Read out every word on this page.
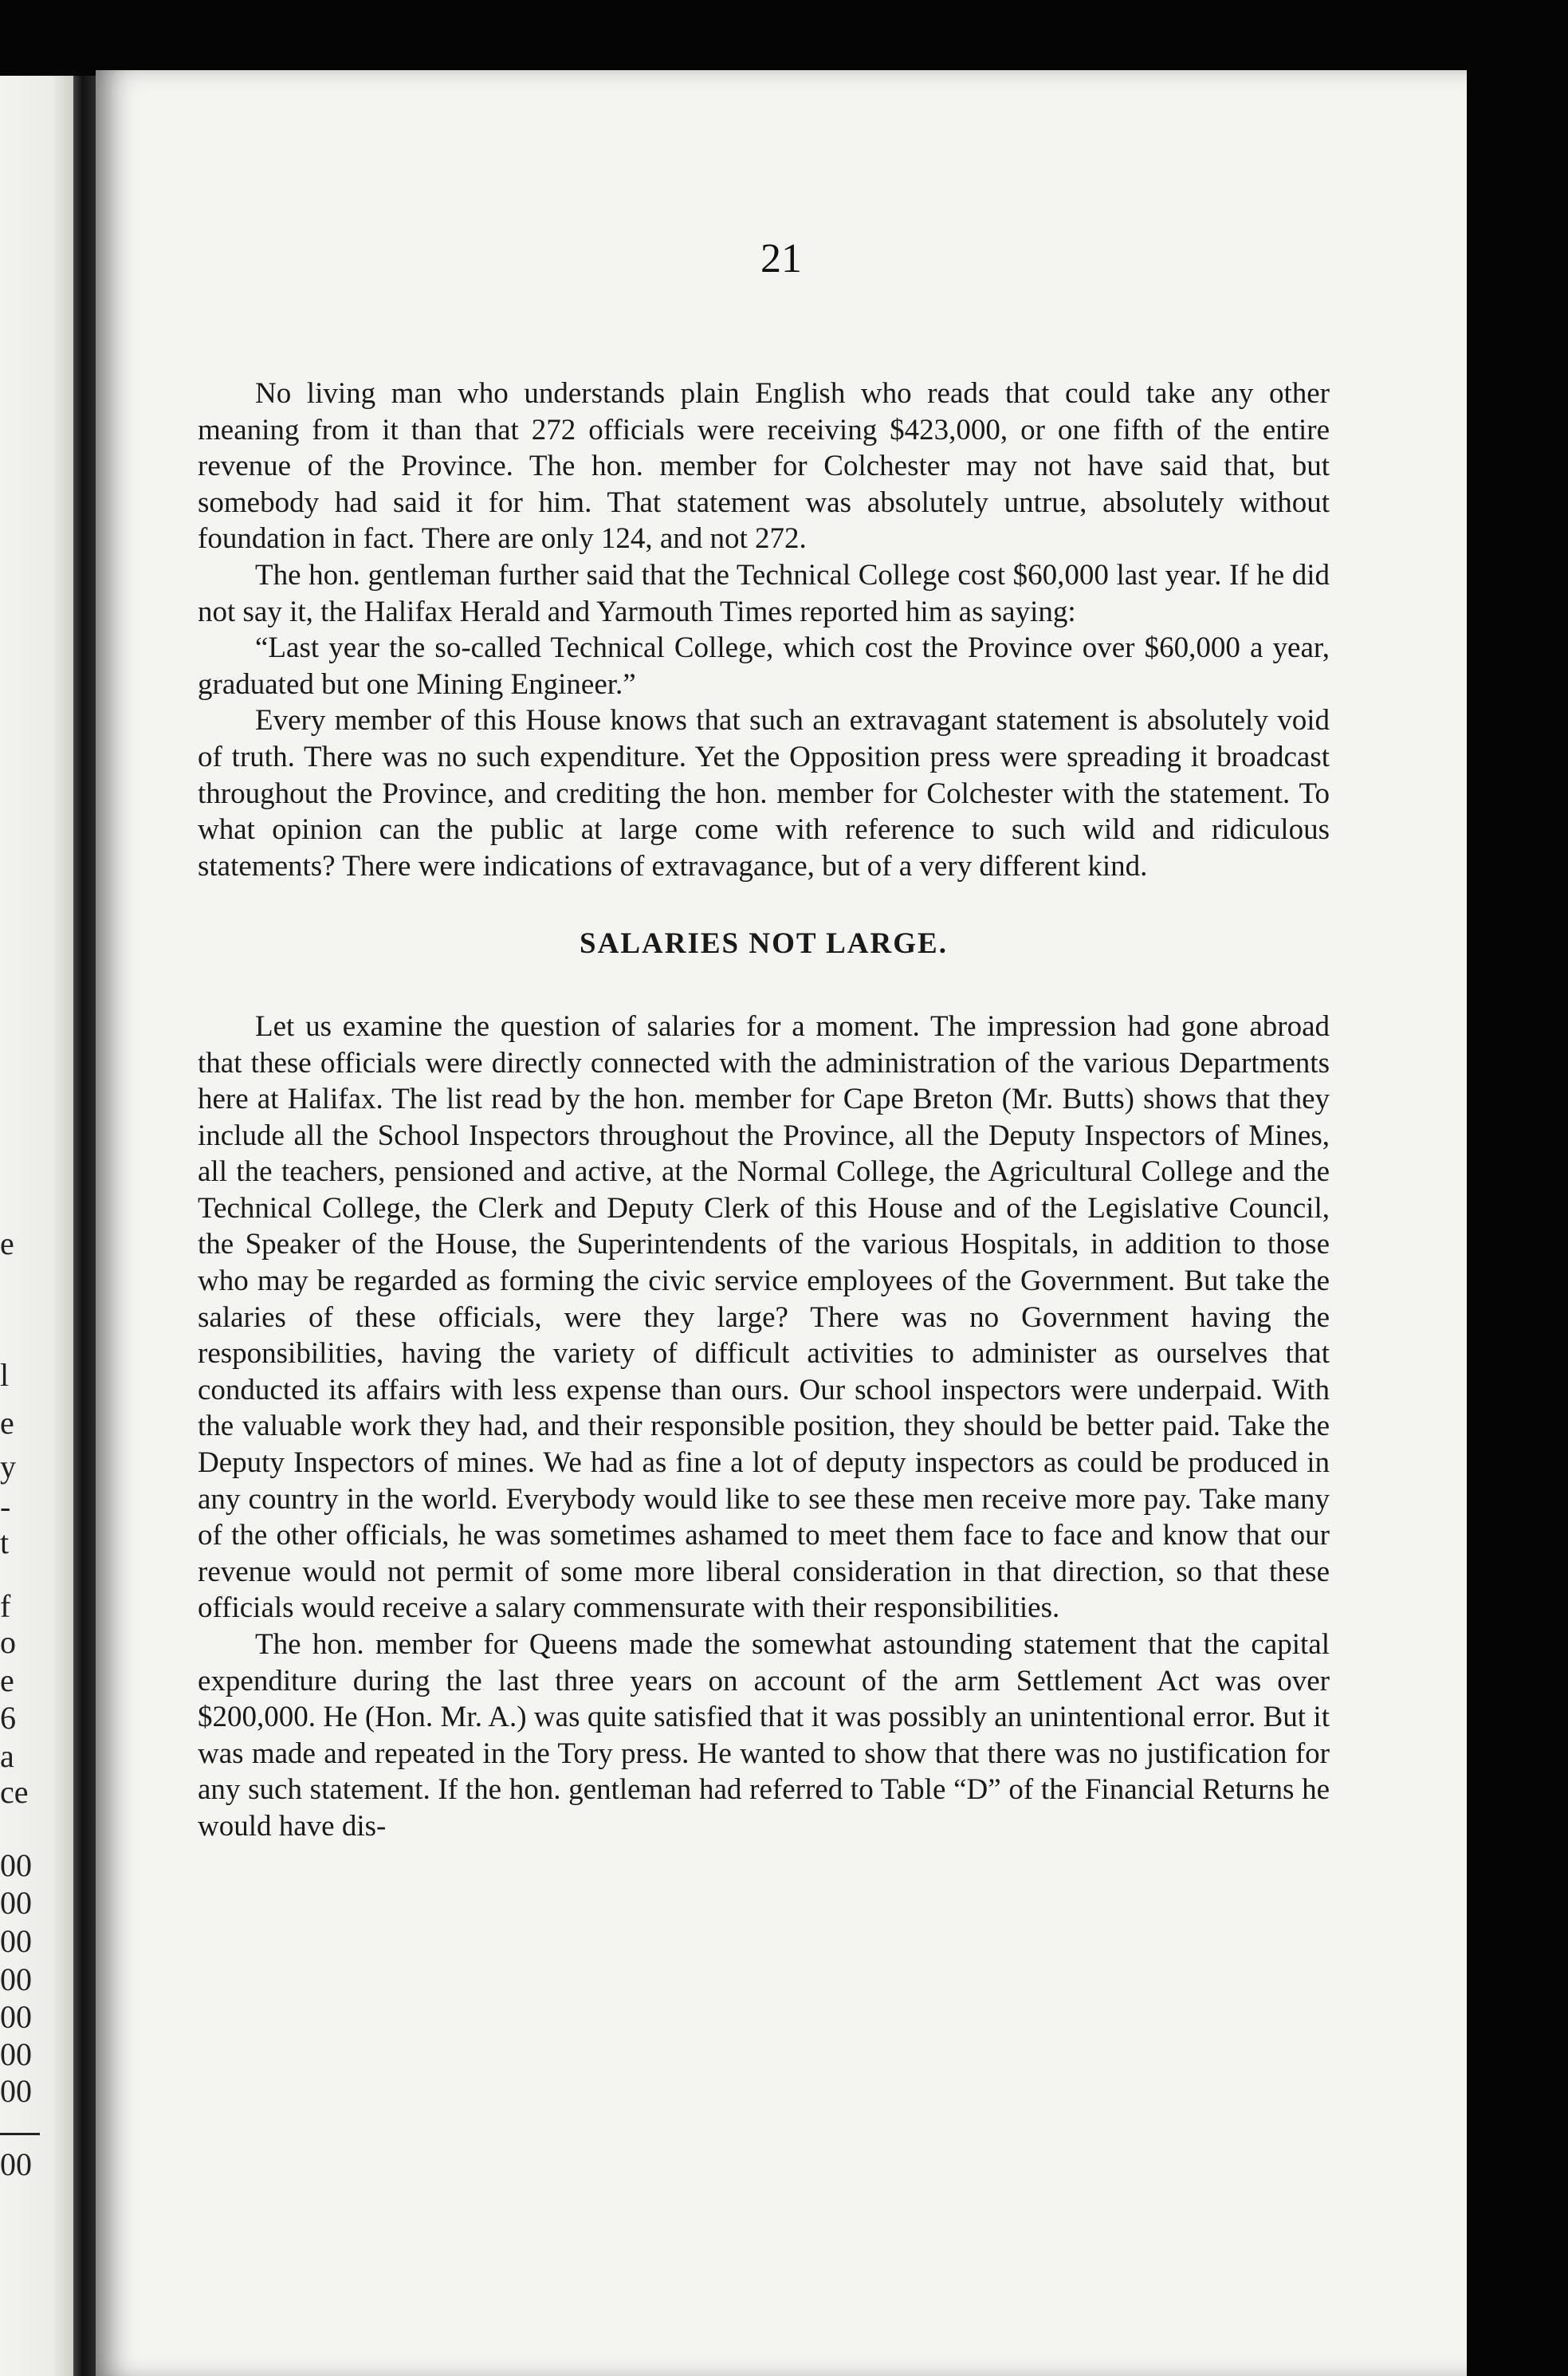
e
l
e
y
-
t
f
o
e
6
a
ce
00
00
00
00
00
00
00
00
21

No living man who understands plain English who reads that could take any other meaning from it than that 272 officials were receiving $423,000, or one fifth of the entire revenue of the Province. The hon. member for Colchester may not have said that, but somebody had said it for him. That statement was absolutely untrue, absolutely without foundation in fact. There are only 124, and not 272.

The hon. gentleman further said that the Technical College cost $60,000 last year. If he did not say it, the Halifax Herald and Yarmouth Times reported him as saying:

“Last year the so-called Technical College, which cost the Province over $60,000 a year, graduated but one Mining Engineer.”

Every member of this House knows that such an extravagant statement is absolutely void of truth. There was no such expenditure. Yet the Opposition press were spreading it broadcast throughout the Province, and crediting the hon. member for Colchester with the statement. To what opinion can the public at large come with reference to such wild and ridiculous statements? There were indications of extravagance, but of a very different kind.

SALARIES NOT LARGE.

Let us examine the question of salaries for a moment. The impression had gone abroad that these officials were directly connected with the administration of the various Departments here at Halifax. The list read by the hon. member for Cape Breton (Mr. Butts) shows that they include all the School Inspectors throughout the Province, all the Deputy Inspectors of Mines, all the teachers, pensioned and active, at the Normal College, the Agricultural College and the Technical College, the Clerk and Deputy Clerk of this House and of the Legislative Council, the Speaker of the House, the Superintendents of the various Hospitals, in addition to those who may be regarded as forming the civic service employees of the Government. But take the salaries of these officials, were they large? There was no Government having the responsibilities, having the variety of difficult activities to administer as ourselves that conducted its affairs with less expense than ours. Our school inspectors were underpaid. With the valuable work they had, and their responsible position, they should be better paid. Take the Deputy Inspectors of mines. We had as fine a lot of deputy inspectors as could be produced in any country in the world. Everybody would like to see these men receive more pay. Take many of the other officials, he was sometimes ashamed to meet them face to face and know that our revenue would not permit of some more liberal consideration in that direction, so that these officials would receive a salary commensurate with their responsibilities.

The hon. member for Queens made the somewhat astounding statement that the capital expenditure during the last three years on account of the arm Settlement Act was over $200,000. He (Hon. Mr. A.) was quite satisfied that it was possibly an unintentional error. But it was made and repeated in the Tory press. He wanted to show that there was no justification for any such statement. If the hon. gentleman had referred to Table “D” of the Financial Returns he would have dis-
